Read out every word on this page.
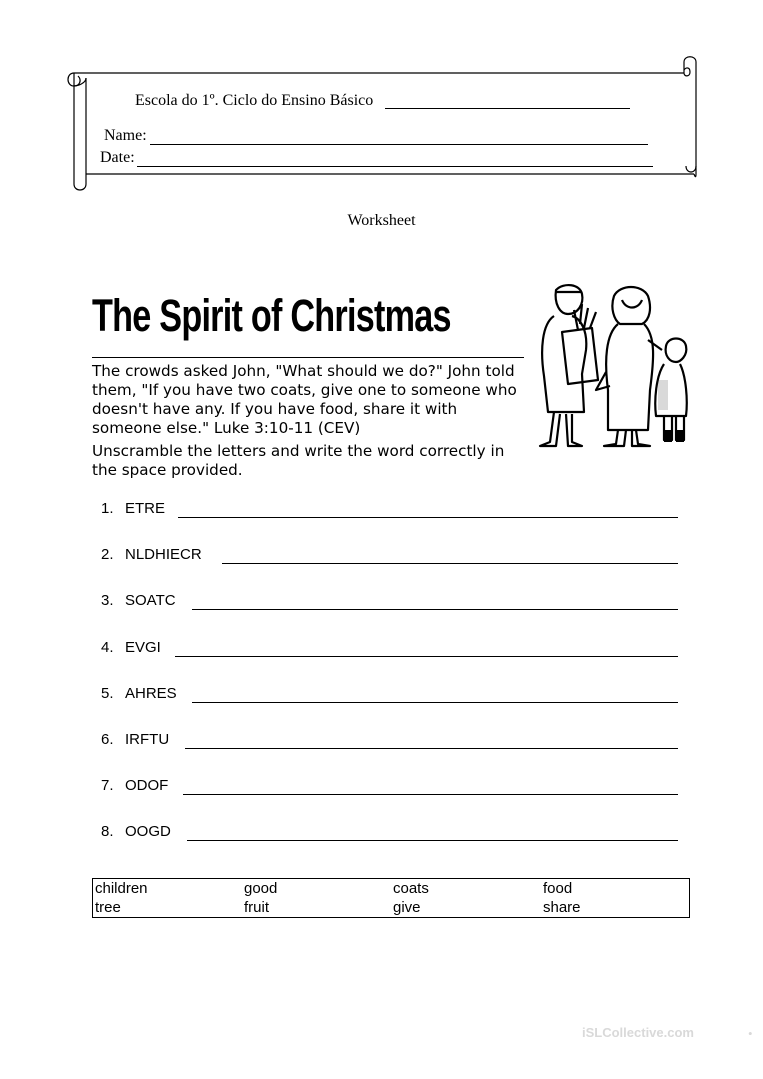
Escola do 1º. Ciclo do Ensino Básico
Name:
Date:
Worksheet
The Spirit of Christmas
The crowds asked John, "What should we do?" John told them, "If you have two coats, give one to someone who doesn't have any. If you have food, share it with someone else." Luke 3:10-11 (CEV)
Unscramble the letters and write the word correctly in the space provided.
1. ETRE
2. NLDHIECR
3. SOATC
4. EVGI
5. AHRES
6. IRFTU
7. ODOF
8. OOGD
children	good	coats	food
tree	fruit	give	share
iSLCollective.com	•
